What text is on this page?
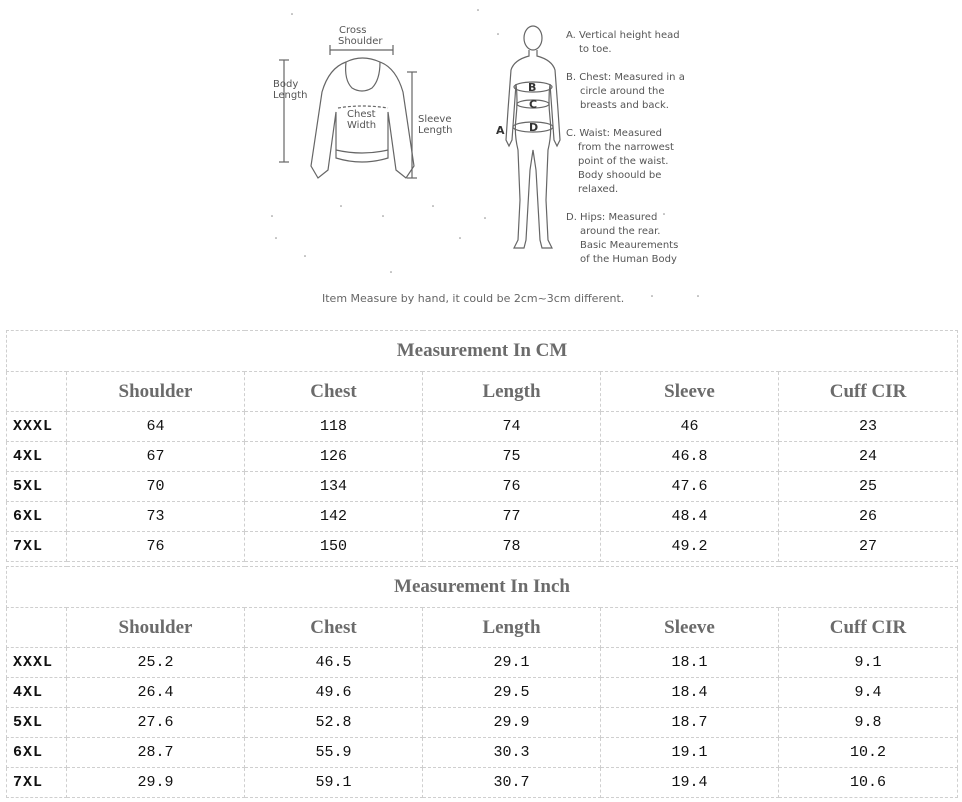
Cross
Shoulder
Body
Length
Chest
Width
Sleeve
Length
B
C
D
A
A. Vertical height head
to toe.
B. Chest: Measured in a
circle around the
breasts and back.
C. Waist: Measured
from the narrowest
point of the waist.
Body shoould be
relaxed.
D. Hips: Measured
around the rear.
Basic Meaurements
of the Human Body
Item Measure by hand, it could be 2cm~3cm different.
Measurement In CM					
	Shoulder	Chest	Length	Sleeve	Cuff CIR
XXXL	64	118	74	46	23
4XL	67	126	75	46.8	24
5XL	70	134	76	47.6	25
6XL	73	142	77	48.4	26
7XL	76	150	78	49.2	27
Measurement In Inch					
	Shoulder	Chest	Length	Sleeve	Cuff CIR
XXXL	25.2	46.5	29.1	18.1	9.1
4XL	26.4	49.6	29.5	18.4	9.4
5XL	27.6	52.8	29.9	18.7	9.8
6XL	28.7	55.9	30.3	19.1	10.2
7XL	29.9	59.1	30.7	19.4	10.6
